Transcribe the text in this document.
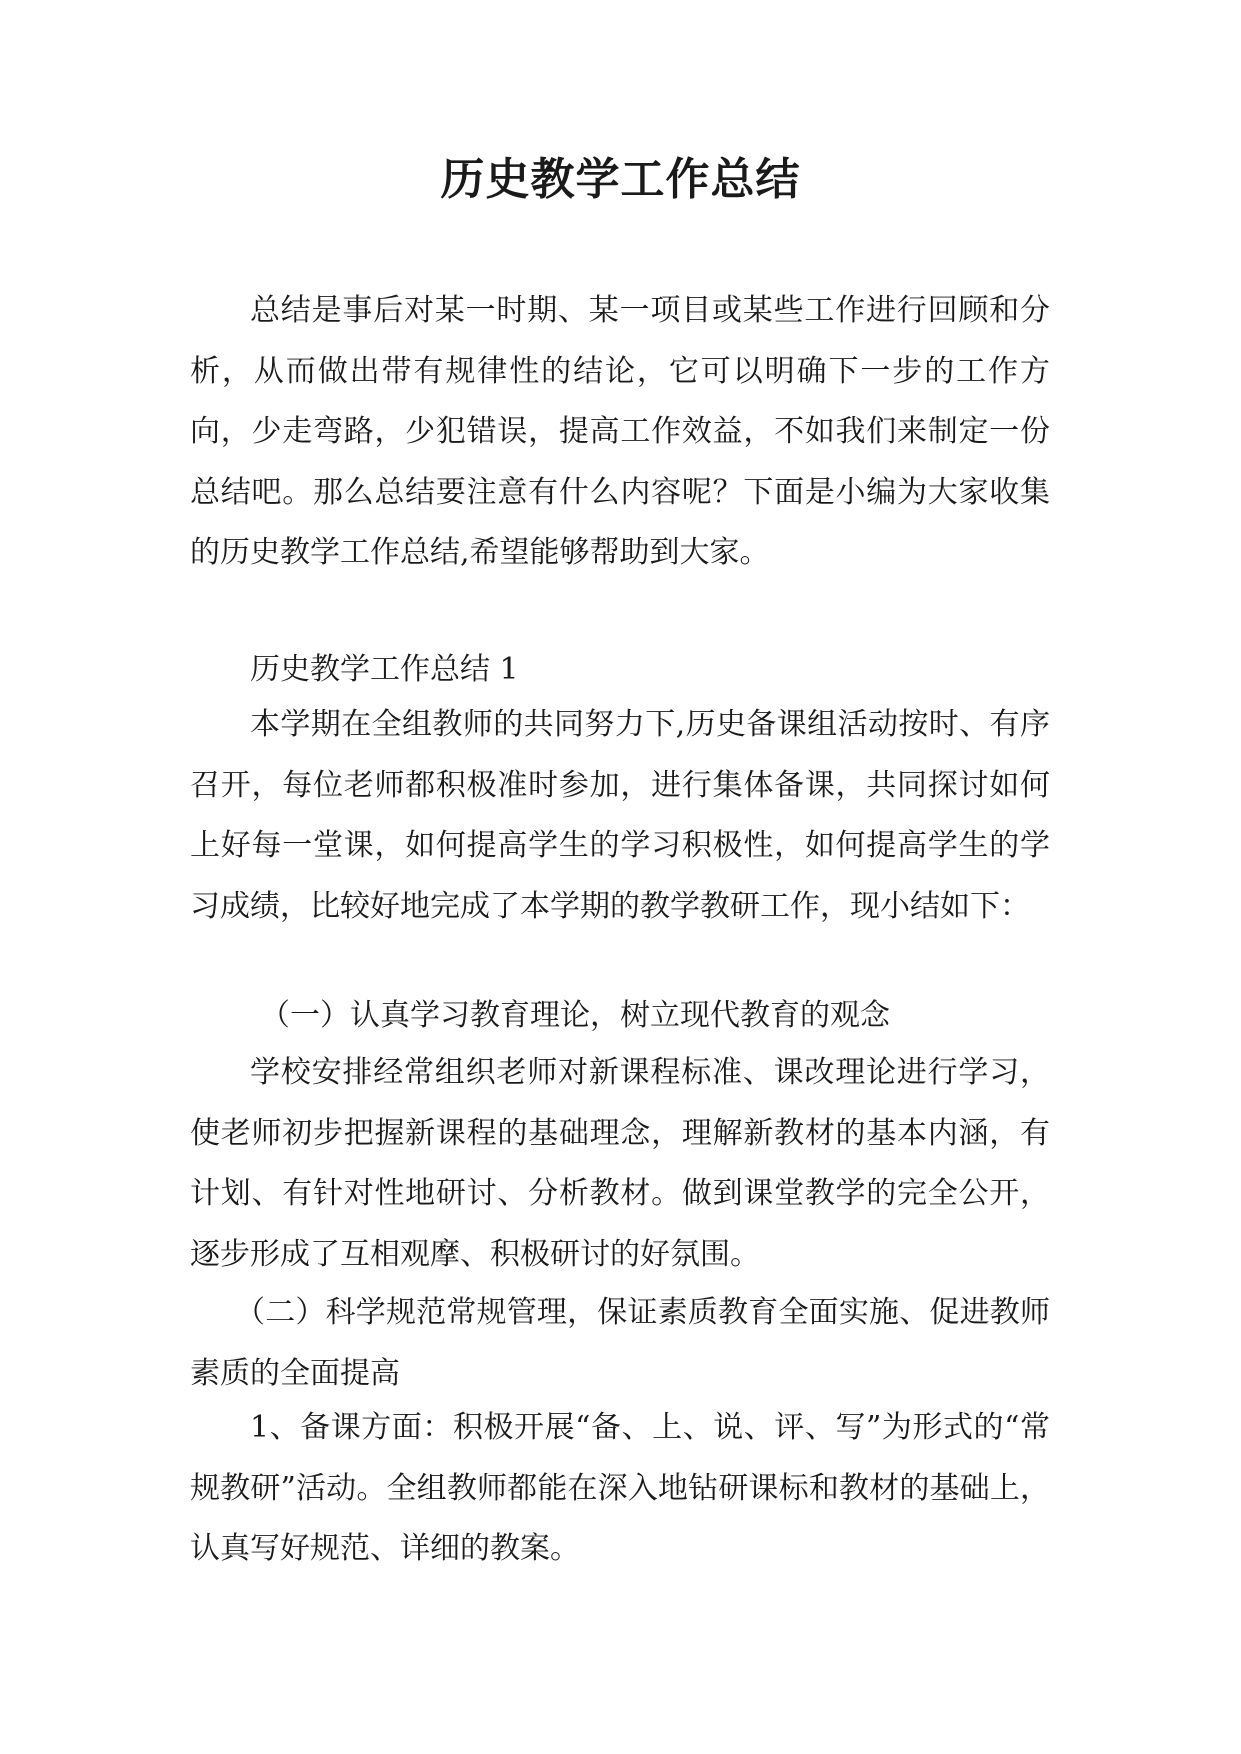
历史教学工作总结

总结是事后对某一时期、某一项目或某些工作进行回顾和分析，从而做出带有规律性的结论，它可以明确下一步的工作方向，少走弯路，少犯错误，提高工作效益，不如我们来制定一份总结吧。那么总结要注意有什么内容呢？下面是小编为大家收集的历史教学工作总结,希望能够帮助到大家。

历史教学工作总结 1

本学期在全组教师的共同努力下,历史备课组活动按时、有序召开，每位老师都积极准时参加，进行集体备课，共同探讨如何上好每一堂课，如何提高学生的学习积极性，如何提高学生的学习成绩，比较好地完成了本学期的教学教研工作，现小结如下：

（一）认真学习教育理论，树立现代教育的观念

学校安排经常组织老师对新课程标准、课改理论进行学习，使老师初步把握新课程的基础理念，理解新教材的基本内涵，有计划、有针对性地研讨、分析教材。做到课堂教学的完全公开，逐步形成了互相观摩、积极研讨的好氛围。

（二）科学规范常规管理，保证素质教育全面实施、促进教师素质的全面提高

1、备课方面：积极开展“备、上、说、评、写”为形式的“常规教研”活动。全组教师都能在深入地钻研课标和教材的基础上，认真写好规范、详细的教案。
